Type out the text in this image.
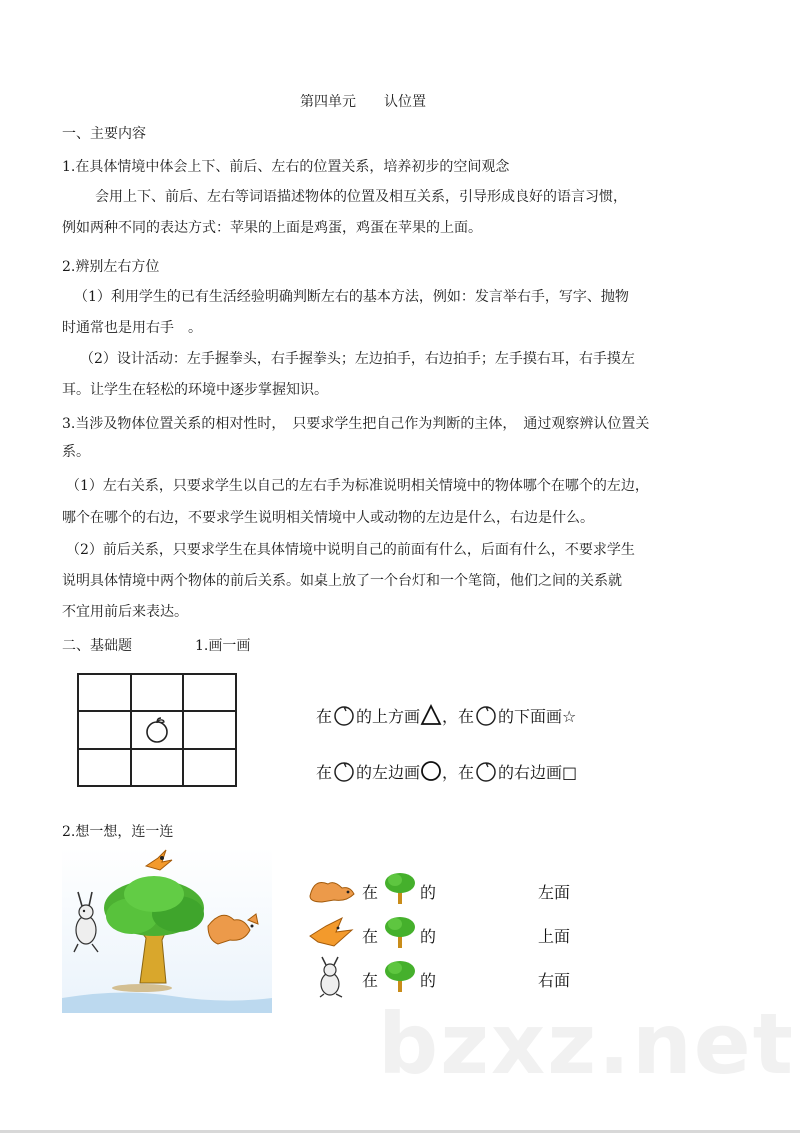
第四单元　　认位置
一、主要内容
1.在具体情境中体会上下、前后、左右的位置关系，培养初步的空间观念
会用上下、前后、左右等词语描述物体的位置及相互关系，引导形成良好的语言习惯，
例如两种不同的表达方式：苹果的上面是鸡蛋，鸡蛋在苹果的上面。
2.辨别左右方位
（1）利用学生的已有生活经验明确判断左右的基本方法，例如：发言举右手，写字、抛物
时通常也是用右手　。
（2）设计活动：左手握拳头，右手握拳头；左边拍手，右边拍手；左手摸右耳，右手摸左
耳。让学生在轻松的环境中逐步掌握知识。
3.当涉及物体位置关系的相对性时，　只要求学生把自己作为判断的主体，　通过观察辨认位置关
系。
（1）左右关系，只要求学生以自己的左右手为标准说明相关情境中的物体哪个在哪个的左边，
哪个在哪个的右边，不要求学生说明相关情境中人或动物的左边是什么，右边是什么。
（2）前后关系，只要求学生在具体情境中说明自己的前面有什么，后面有什么，不要求学生
说明具体情境中两个物体的前后关系。如桌上放了一个台灯和一个笔筒，他们之间的关系就
不宜用前后来表达。
二、基础题	1.画一画
在 的上方画 ，在 的下面画☆
在 的左边画 ，在 的右边画□
2.想一想，连一连
在	的	左面
在	的	上面
在	的	右面
bzxz.net
